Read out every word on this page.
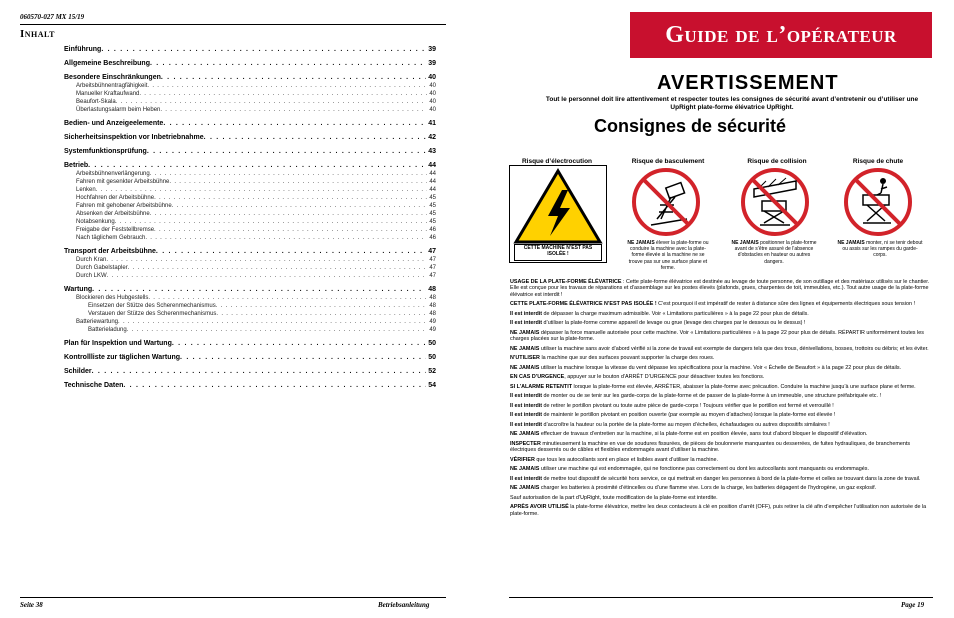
060570-027 MX 15/19
Inhalt
Einführung . . .	39
Allgemeine Beschreibung . . .	39
Besondere Einschränkungen . . .	40
Arbeitsbühnentragfähigkeit . . .	40
Manueller Kraftaufwand . . .	40
Beaufort-Skala . . .	40
Überlastungsalarm beim Heben . . .	40
Bedien- und Anzeigeelemente . . .	41
Sicherheitsinspektion vor Inbetriebnahme . . .	42
Systemfunktionsprüfung . . .	43
Betrieb . . .	44
Arbeitsbühnenverlängerung . . .	44
Fahren mit gesenkter Arbeitsbühne . . .	44
Lenken . . .	44
Hochfahren der Arbeitsbühne . . .	45
Fahren mit gehobener Arbeitsbühne . . .	45
Absenken der Arbeitsbühne . . .	45
Notabsenkung . . .	45
Freigabe der Feststellbremse . . .	46
Nach täglichem Gebrauch . . .	46
Transport der Arbeitsbühne . . .	47
Durch Kran . . .	47
Durch Gabelstapler . . .	47
Durch LKW . . .	47
Wartung . . .	48
Blockieren des Hubgestells . . .	48
Einsetzen der Stütze des Scherenmechanismus . . .	48
Verstauen der Stütze des Scherenmechanismus . . .	48
Batteriewartung . . .	49
Batterieladung . . .	49
Plan für Inspektion und Wartung . . .	50
Kontrollliste zur täglichen Wartung . . .	50
Schilder . . .	52
Technische Daten . . .	54
Seite 38	Betriebsanleitung
Guide de l’opérateur
AVERTISSEMENT
Tout le personnel doit lire attentivement et respecter toutes les consignes de sécurité avant d’entretenir ou d’utiliser une UpRight plate-forme élévatrice UpRight.
Consignes de sécurité
Risque d’électrocution	Risque de basculement	Risque de collision	Risque de chute
CETTE MACHINE N’EST PAS ISOLÉE !
NE JAMAIS élever la plate-forme ou conduire la machine avec la plate-forme élevée si la machine ne se trouve pas sur une surface plane et ferme.
NE JAMAIS positionner la plate-forme avant de s’être assuré de l’absence d’obstacles en hauteur ou autres dangers.
NE JAMAIS monter, ni se tenir debout ou assis sur les rampes du garde-corps.

USAGE DE LA PLATE-FORME ÉLÉVATRICE : Cette plate-forme élévatrice est destinée au levage de toute personne, de son outillage et des matériaux utilisés sur le chantier. Elle est conçue pour les travaux de réparations et d’assemblage sur les postes élevés (plafonds, grues, charpentes de toit, immeubles, etc.). Tout autre usage de la plate-forme élévatrice est interdit !

CETTE PLATE-FORME ÉLÉVATRICE N’EST PAS ISOLÉE ! C’est pourquoi il est impératif de rester à distance sûre des lignes et équipements électriques sous tension !

Il est interdit de dépasser la charge maximum admissible. Voir « Limitations particulières » à la page 22 pour plus de détails.

Il est interdit d’utiliser la plate-forme comme appareil de levage ou grue (levage des charges par le dessous ou le dessus) !

NE JAMAIS dépasser la force manuelle autorisée pour cette machine. Voir « Limitations particulières » à la page 22 pour plus de détails. RÉPARTIR uniformément toutes les charges placées sur la plate-forme.

NE JAMAIS utiliser la machine sans avoir d’abord vérifié si la zone de travail est exempte de dangers tels que des trous, dénivellations, bosses, trottoirs ou débris; et les éviter.

N’UTILISER la machine que sur des surfaces pouvant supporter la charge des roues.

NE JAMAIS utiliser la machine lorsque la vitesse du vent dépasse les spécifications pour la machine. Voir « Échelle de Beaufort » à la page 22 pour plus de détails.

EN CAS D’URGENCE, appuyer sur le bouton d’ARRÊT D’URGENCE pour désactiver toutes les fonctions.

SI L’ALARME RETENTIT lorsque la plate-forme est élevée, ARRÊTER, abaisser la plate-forme avec précaution. Conduire la machine jusqu’à une surface plane et ferme.

Il est interdit de monter ou de se tenir sur les garde-corps de la plate-forme et de passer de la plate-forme à un immeuble, une structure préfabriquée etc. !

Il est interdit de retirer le portillon pivotant ou toute autre pièce de garde-corps ! Toujours vérifier que le portillon est fermé et verrouillé !

Il est interdit de maintenir le portillon pivotant en position ouverte (par exemple au moyen d’attaches) lorsque la plate-forme est élevée !

Il est interdit d’accroître la hauteur ou la portée de la plate-forme au moyen d’échelles, échafaudages ou autres dispositifs similaires !

NE JAMAIS effectuer de travaux d’entretien sur la machine, si la plate-forme est en position élevée, sans tout d’abord bloquer le dispositif d’élévation.

INSPECTER minutieusement la machine en vue de soudures fissurées, de pièces de boulonnerie manquantes ou desserrées, de fuites hydrauliques, de branchements électriques desserrés ou de câbles et flexibles endommagés avant d’utiliser la machine.

VÉRIFIER que tous les autocollants sont en place et lisibles avant d’utiliser la machine.

NE JAMAIS utiliser une machine qui est endommagée, qui ne fonctionne pas correctement ou dont les autocollants sont manquants ou endommagés.

Il est interdit de mettre tout dispositif de sécurité hors service, ce qui mettrait en danger les personnes à bord de la plate-forme et celles se trouvant dans la zone de travail.

NE JAMAIS charger les batteries à proximité d’étincelles ou d’une flamme vive. Lors de la charge, les batteries dégagent de l’hydrogène, un gaz explosif.

Sauf autorisation de la part d’UpRight, toute modification de la plate-forme est interdite.

APRÈS AVOIR UTILISÉ la plate-forme élévatrice, mettre les deux contacteurs à clé en position d’arrêt (OFF), puis retirer la clé afin d’empêcher l’utilisation non autorisée de la plate-forme.

Page 19
